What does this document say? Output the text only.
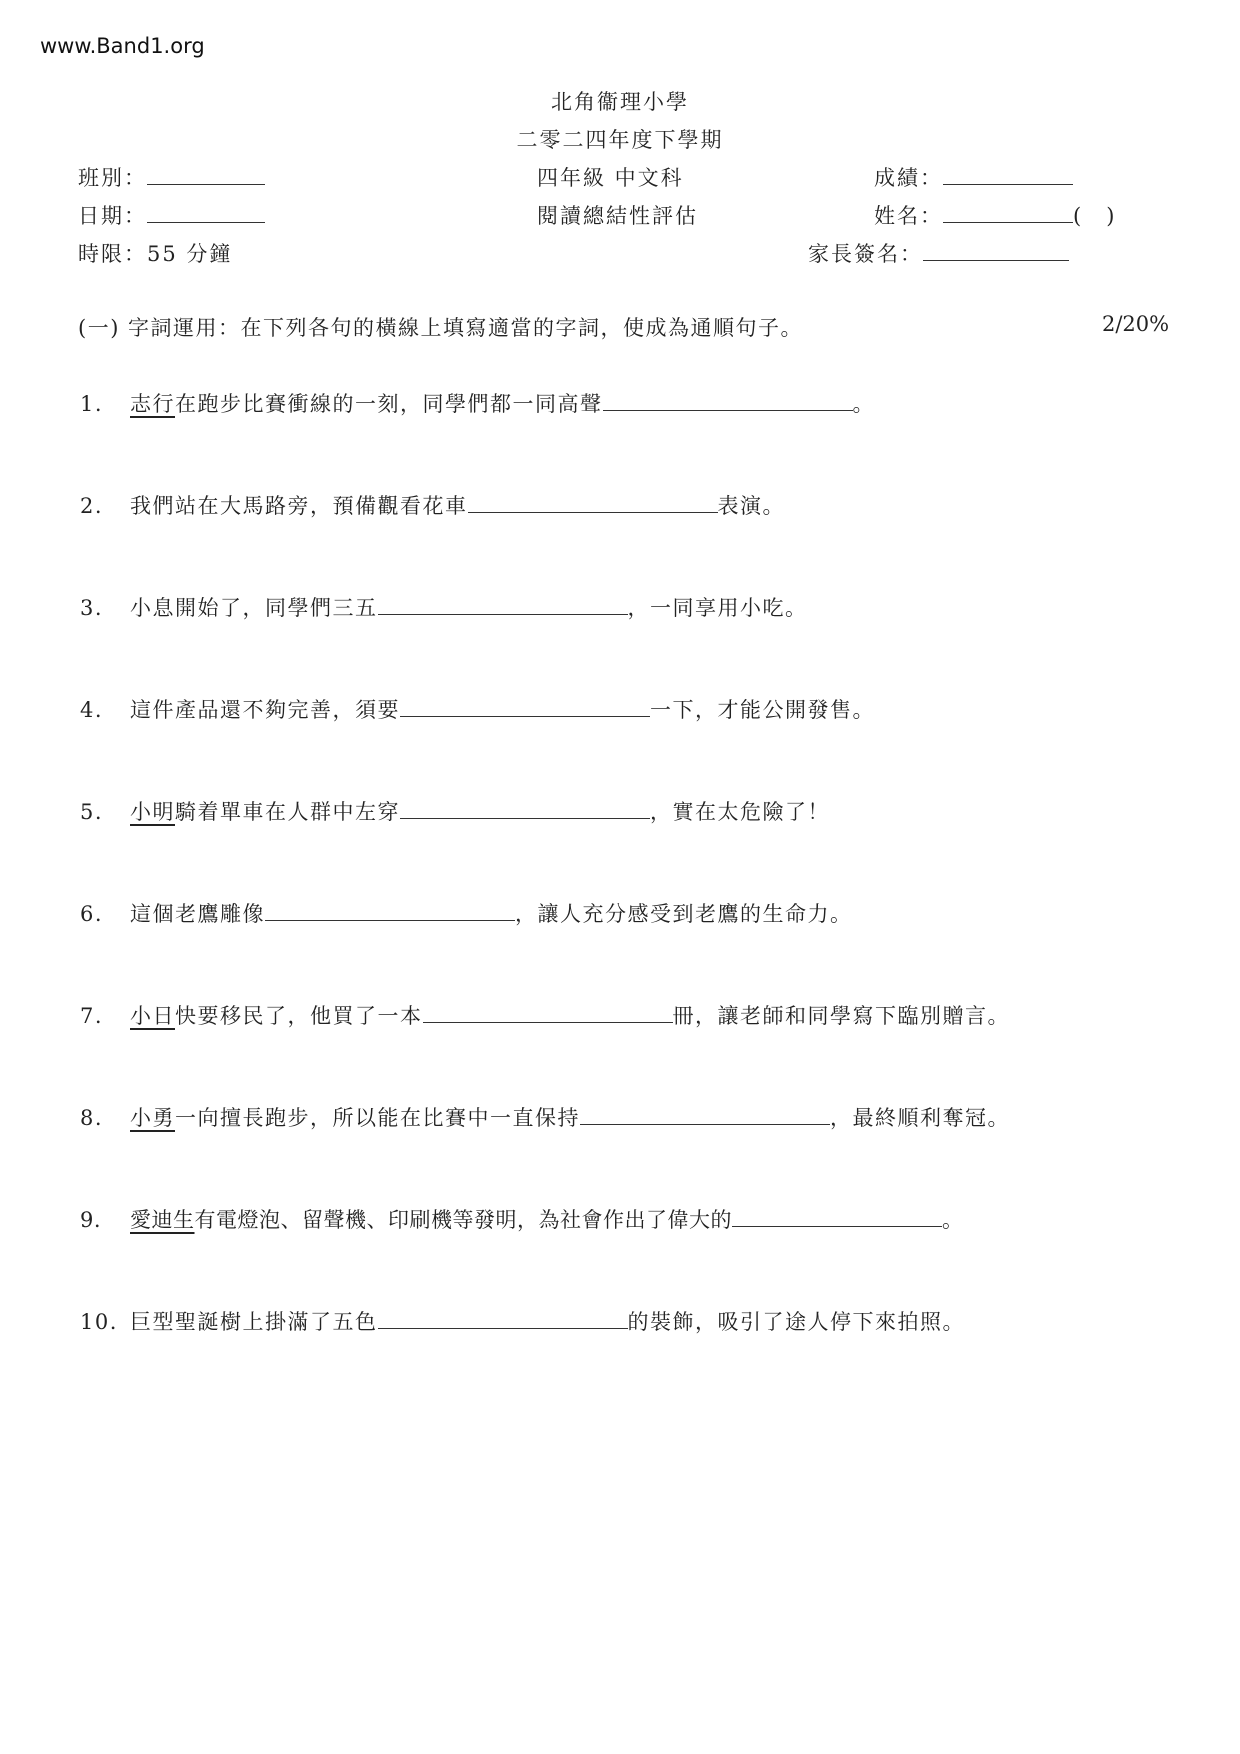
www.Band1.org
北角衞理小學
二零二四年度下學期
班別：	四年級 中文科	成績：
日期：	閱讀總結性評估	姓名：	(　)
時限：55 分鐘	家長簽名：
(一) 字詞運用：在下列各句的橫線上填寫適當的字詞，使成為通順句子。	2/20%
1. 志行在跑步比賽衝線的一刻，同學們都一同高聲	。
2. 我們站在大馬路旁，預備觀看花車	表演。
3. 小息開始了，同學們三五	，一同享用小吃。
4. 這件產品還不夠完善，須要	一下，才能公開發售。
5. 小明騎着單車在人群中左穿	，實在太危險了！
6. 這個老鷹雕像	，讓人充分感受到老鷹的生命力。
7. 小日快要移民了，他買了一本	冊，讓老師和同學寫下臨別贈言。
8. 小勇一向擅長跑步，所以能在比賽中一直保持	，最終順利奪冠。
9. 愛迪生有電燈泡、留聲機、印刷機等發明，為社會作出了偉大的	。
10. 巨型聖誕樹上掛滿了五色	的裝飾，吸引了途人停下來拍照。
